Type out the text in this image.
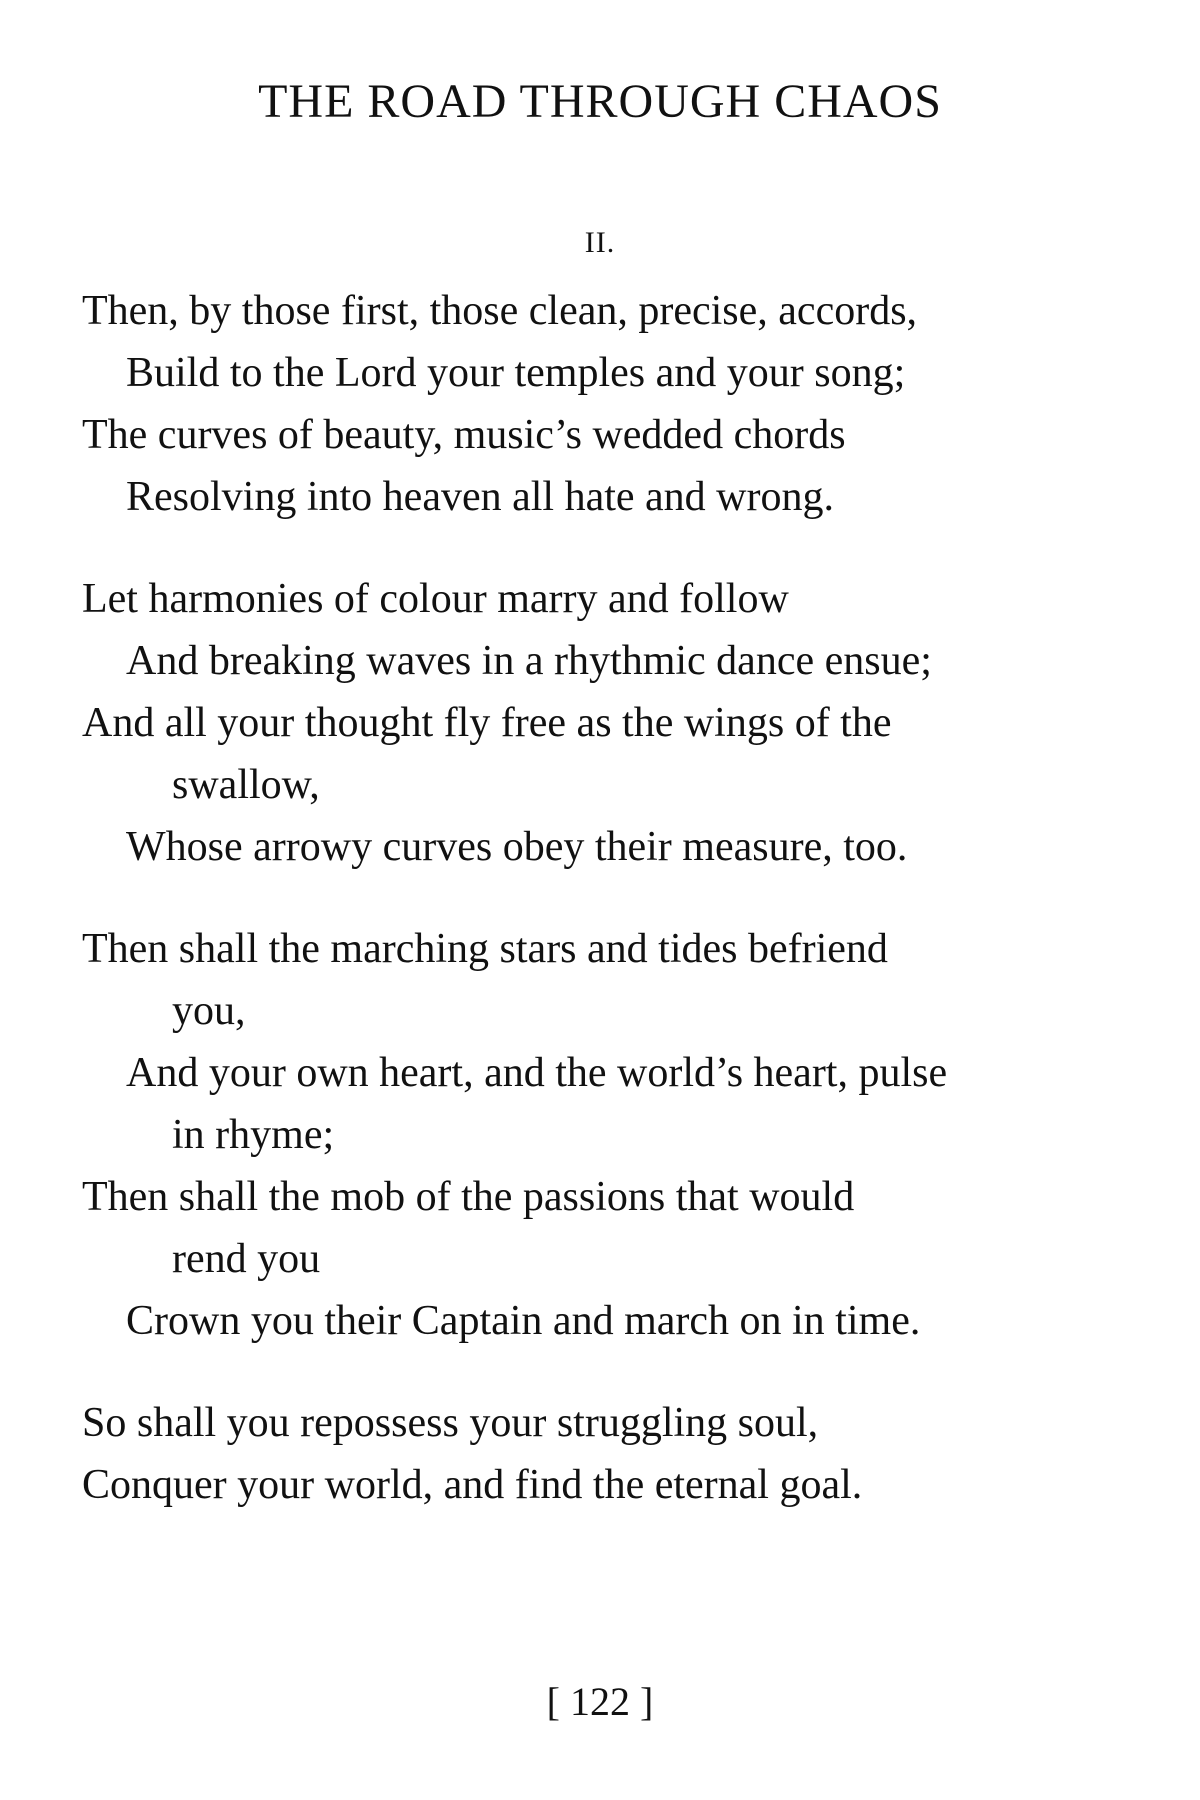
THE ROAD THROUGH CHAOS
II.
Then, by those first, those clean, precise, accords,
Build to the Lord your temples and your song;
The curves of beauty, music’s wedded chords
Resolving into heaven all hate and wrong.
Let harmonies of colour marry and follow
And breaking waves in a rhythmic dance ensue;
And all your thought fly free as the wings of the
swallow,
Whose arrowy curves obey their measure, too.
Then shall the marching stars and tides befriend
you,
And your own heart, and the world’s heart, pulse
in rhyme;
Then shall the mob of the passions that would
rend you
Crown you their Captain and march on in time.
So shall you repossess your struggling soul,
Conquer your world, and find the eternal goal.
[ 122 ]
